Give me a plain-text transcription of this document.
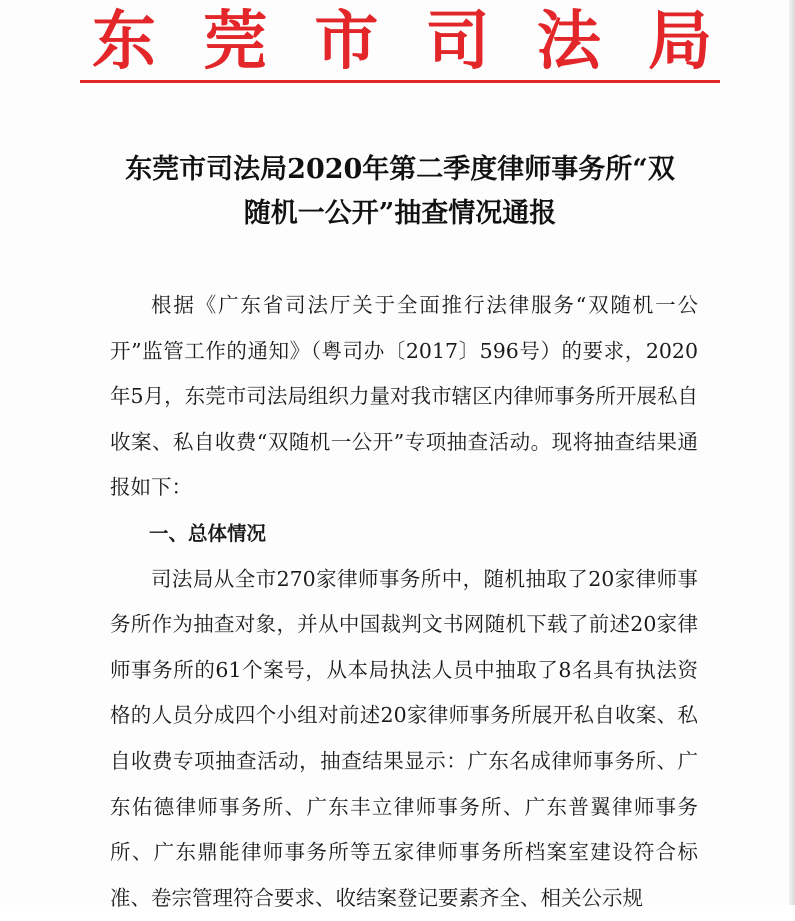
东 莞 市 司 法 局
东莞市司法局2020年第二季度律师事务所“双
随机一公开”抽查情况通报

根据《广东省司法厅关于全面推行法律服务“双随机一公开”监管工作的通知》（粤司办〔2017〕596号）的要求，2020年5月，东莞市司法局组织力量对我市辖区内律师事务所开展私自收案、私自收费“双随机一公开”专项抽查活动。现将抽查结果通报如下：

一、总体情况

司法局从全市270家律师事务所中，随机抽取了20家律师事务所作为抽查对象，并从中国裁判文书网随机下载了前述20家律师事务所的61个案号，从本局执法人员中抽取了8名具有执法资格的人员分成四个小组对前述20家律师事务所展开私自收案、私自收费专项抽查活动，抽查结果显示：广东名成律师事务所、广东佑德律师事务所、广东丰立律师事务所、广东普翼律师事务所、广东鼎能律师事务所等五家律师事务所档案室建设符合标准、卷宗管理符合要求、收结案登记要素齐全、相关公示规
